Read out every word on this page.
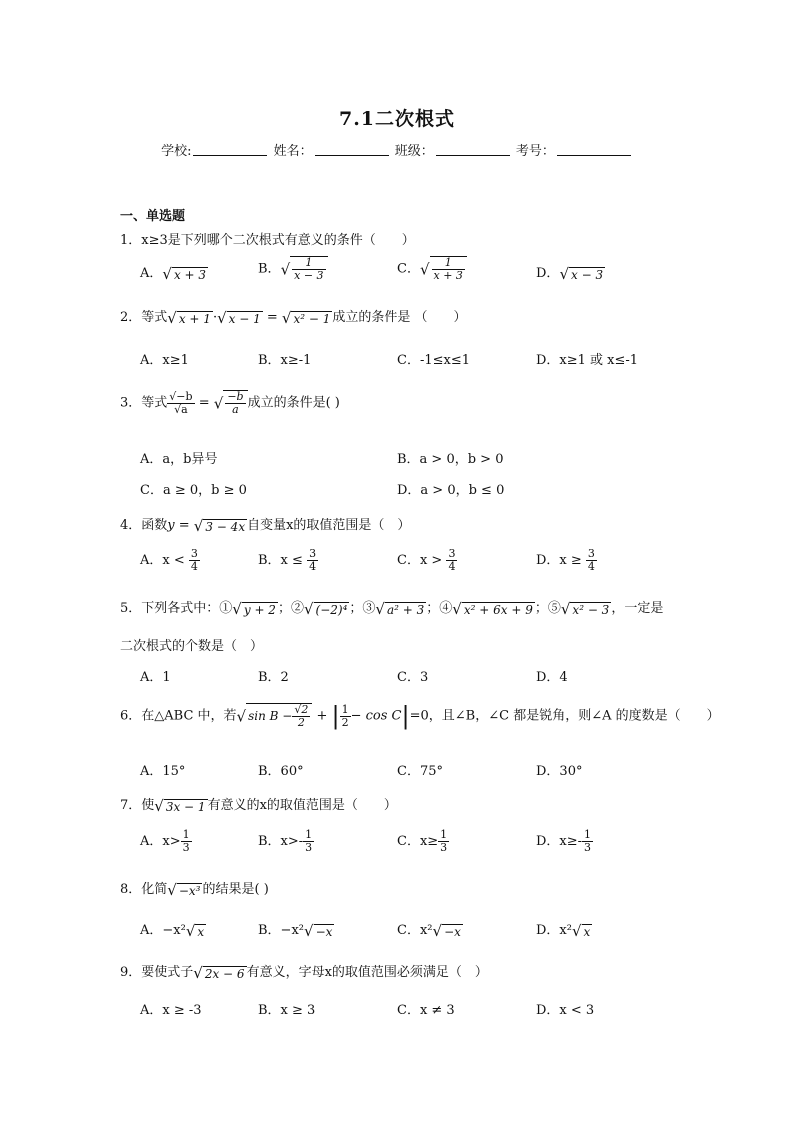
7.1二次根式
学校:	姓名：	班级：	考号：
一、单选题
1．x≥3是下列哪个二次根式有意义的条件（　　）
A．√ x + 3	B．√ $\frac{1}{x - 3}$	C．√ $\frac{1}{x + 3}$	D．√ x − 3
2．等式√ x + 1 ·√ x − 1 = √ x² − 1 成立的条件是 （　　）
A．x≥1	B．x≥-1	C．-1≤x≤1	D．x≥1 或 x≤-1
3．等式 $\frac{√-b}{√a}$ = √ $\frac{-b}{a}$ 成立的条件是( )
A．a，b异号	B．a > 0，b > 0
C．a ≥ 0，b ≥ 0	D．a > 0，b ≤ 0
4．函数y = √ 3 − 4x 自变量x的取值范围是（　）
A．$x < \frac{3}{4}$	B．$x \le \frac{3}{4}$	C．$x > \frac{3}{4}$	D．$x \ge \frac{3}{4}$
5．下列各式中：①√ y + 2 ；②√ (−2)⁴ ；③√ a² + 3 ；④√ x² + 6x + 9 ；⑤√ x² − 3 ，一定是
二次根式的个数是（　）
A．1	B．2	C．3	D．4
6．在△ABC 中，若√ $\sin B - \frac{√2}{2}$ + | $\frac{1}{2} - \cos C|=0$，且∠B，∠C 都是锐角，则∠A 的度数是（　　）
A．15°	B．60°	C．75°	D．30°
7．使√ 3x − 1 有意义的x的取值范围是（　　）
A．$x> \frac{1}{3}$	B．$x>- \frac{1}{3}$	C．$x\ge \frac{1}{3}$	D．$x\ge- \frac{1}{3}$
8．化简√ −x³ 的结果是( )
A．−x²√ x	B．−x²√ −x	C．x²√ −x	D．x²√ x
9．要使式子√ 2x − 6 有意义，字母x的取值范围必须满足（　）
A．x ≥ -3	B．x ≥ 3	C．x ≠ 3	D．x < 3
